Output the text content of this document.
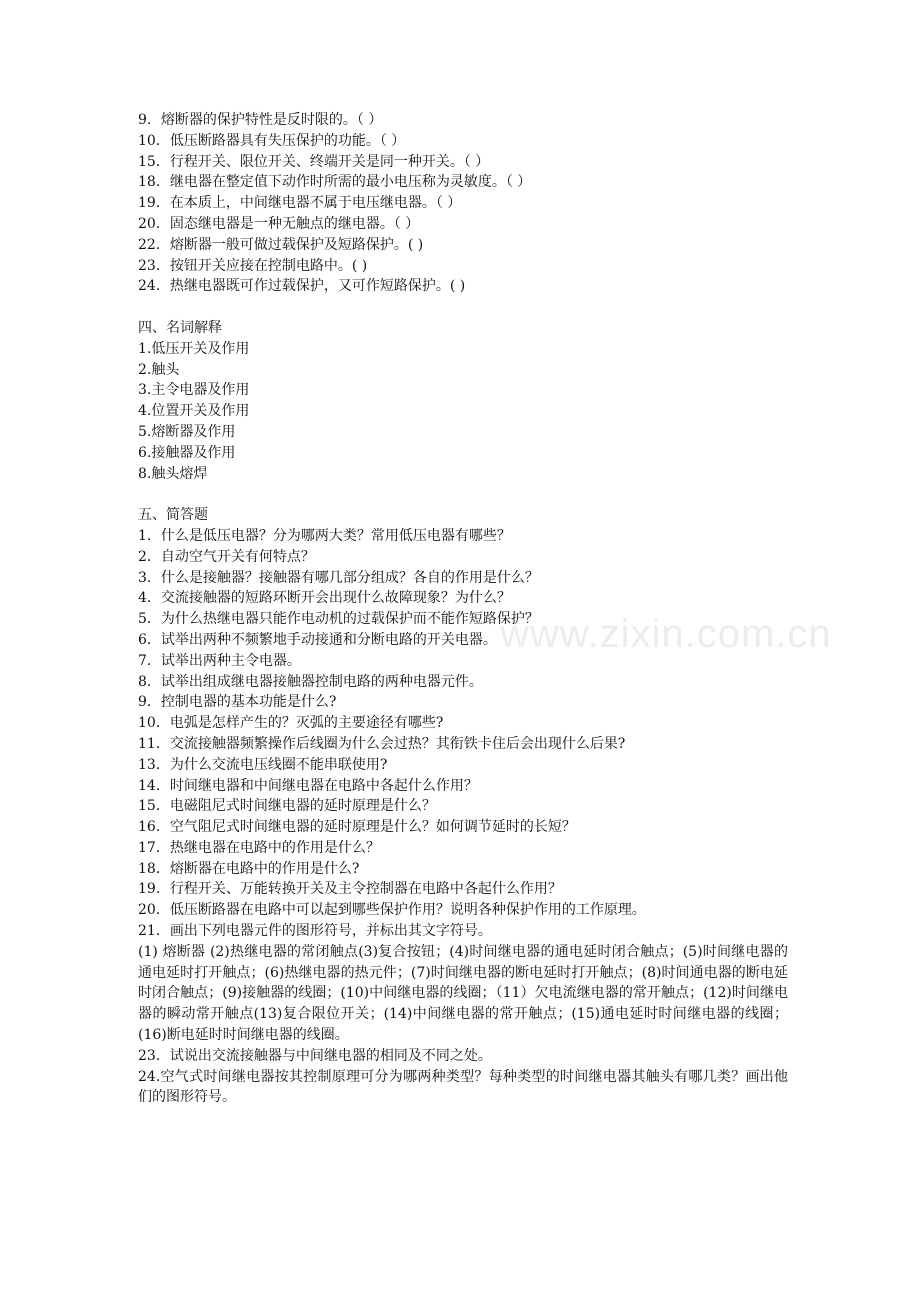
9．熔断器的保护特性是反时限的。（ ）
10．低压断路器具有失压保护的功能。（ ）
15．行程开关、限位开关、终端开关是同一种开关。（ ）
18．继电器在整定值下动作时所需的最小电压称为灵敏度。（ ）
19．在本质上，中间继电器不属于电压继电器。（ ）
20．固态继电器是一种无触点的继电器。（ ）
22．熔断器一般可做过载保护及短路保护。( )
23．按钮开关应接在控制电路中。( )
24．热继电器既可作过载保护，又可作短路保护。( )
四、名词解释
1.低压开关及作用
2.触头
3.主令电器及作用
4.位置开关及作用
5.熔断器及作用
6.接触器及作用
8.触头熔焊
五、简答题
1．什么是低压电器？分为哪两大类？常用低压电器有哪些？
2．自动空气开关有何特点？
3．什么是接触器？接触器有哪几部分组成？各自的作用是什么？
4．交流接触器的短路环断开会出现什么故障现象？为什么？
5．为什么热继电器只能作电动机的过载保护而不能作短路保护？
6．试举出两种不频繁地手动接通和分断电路的开关电器。
7．试举出两种主令电器。
8．试举出组成继电器接触器控制电路的两种电器元件。
9．控制电器的基本功能是什么?
10．电弧是怎样产生的？灭弧的主要途径有哪些?
11．交流接触器频繁操作后线圈为什么会过热？其衔铁卡住后会出现什么后果?
13．为什么交流电压线圈不能串联使用?
14．时间继电器和中间继电器在电路中各起什么作用？
15．电磁阻尼式时间继电器的延时原理是什么？
16．空气阻尼式时间继电器的延时原理是什么？如何调节延时的长短？
17．热继电器在电路中的作用是什么？
18．熔断器在电路中的作用是什么?
19．行程开关、万能转换开关及主令控制器在电路中各起什么作用？
20．低压断路器在电路中可以起到哪些保护作用？说明各种保护作用的工作原理。
21．画出下列电器元件的图形符号，并标出其文字符号。
(1) 熔断器 (2)热继电器的常闭触点(3)复合按钮；(4)时间继电器的通电延时闭合触点；(5)时间继电器的通电延时打开触点；(6)热继电器的热元件；(7)时间继电器的断电延时打开触点；(8)时间通电器的断电延时闭合触点；(9)接触器的线圈；(10)中间继电器的线圈；（11）欠电流继电器的常开触点；(12)时间继电器的瞬动常开触点(13)复合限位开关；(14)中间继电器的常开触点；(15)通电延时时间继电器的线圈；(16)断电延时时间继电器的线圈。
23．试说出交流接触器与中间继电器的相同及不同之处。
24.空气式时间继电器按其控制原理可分为哪两种类型？每种类型的时间继电器其触头有哪几类？画出他们的图形符号。
www.zixin.com.cn
